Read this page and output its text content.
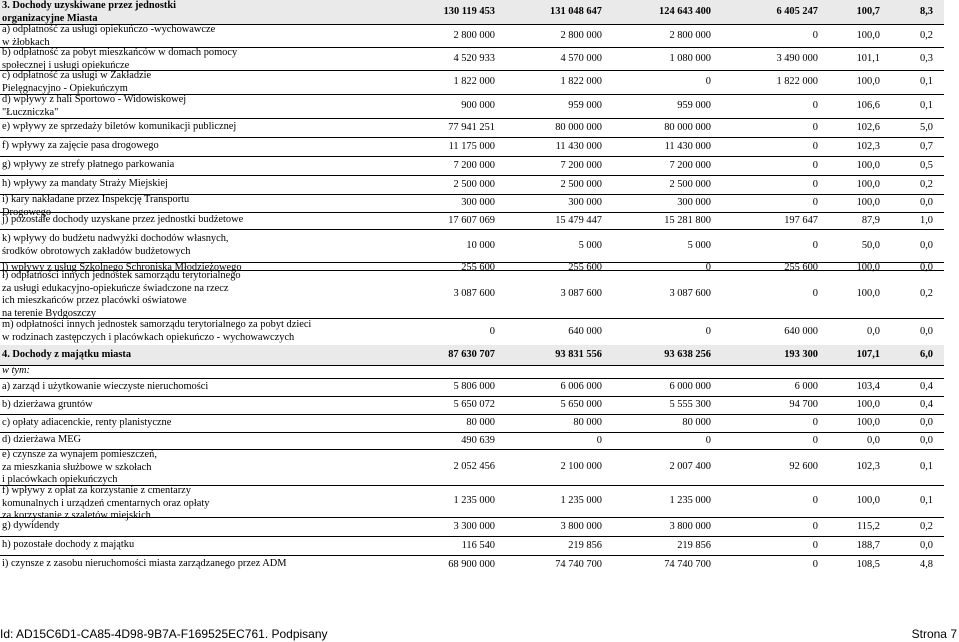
3. Dochody uzyskiwane przez jednostki
organizacyjne Miasta
130 119 453	131 048 647	124 643 400	6 405 247	100,7	8,3
a) odpłatność za usługi opiekuńczo -wychowawcze
w żłobkach
2 800 000	2 800 000	2 800 000	0	100,0	0,2
b) odpłatność za pobyt mieszkańców w domach pomocy
społecznej i usługi opiekuńcze
4 520 933	4 570 000	1 080 000	3 490 000	101,1	0,3
c) odpłatność za usługi w Zakładzie
Pielęgnacyjno - Opiekuńczym
1 822 000	1 822 000	0	1 822 000	100,0	0,1
d) wpływy z hali Sportowo - Widowiskowej
"Łuczniczka"
900 000	959 000	959 000	0	106,6	0,1
e) wpływy ze sprzedaży biletów komunikacji publicznej	77 941 251	80 000 000	80 000 000	0	102,6	5,0
f) wpływy za zajęcie pasa drogowego	11 175 000	11 430 000	11 430 000	0	102,3	0,7
g) wpływy ze strefy płatnego parkowania	7 200 000	7 200 000	7 200 000	0	100,0	0,5
h) wpływy za mandaty Straży Miejskiej	2 500 000	2 500 000	2 500 000	0	100,0	0,2
i) kary nakładane przez Inspekcję Transportu
Drogowego
300 000	300 000	300 000	0	100,0	0,0
j) pozostałe dochody uzyskane przez jednostki budżetowe	17 607 069	15 479 447	15 281 800	197 647	87,9	1,0
k) wpływy do budżetu nadwyżki dochodów własnych,
środków obrotowych zakładów budżetowych
10 000	5 000	5 000	0	50,0	0,0
l) wpływy z usług Szkolnego Schroniska Młodzieżowego	255 600	255 600	0	255 600	100,0	0,0
ł) odpłatności innych jednostek samorządu terytorialnego
za usługi edukacyjno-opiekuńcze świadczone na rzecz
ich mieszkańców przez placówki oświatowe
na terenie Bydgoszczy
3 087 600	3 087 600	3 087 600	0	100,0	0,2
m) odpłatności innych jednostek samorządu terytorialnego za pobyt dzieci
w rodzinach zastępczych i placówkach opiekuńczo - wychowawczych
0	640 000	0	640 000	0,0	0,0
4. Dochody z majątku miasta	87 630 707	93 831 556	93 638 256	193 300	107,1	6,0
w tym:
a) zarząd i użytkowanie wieczyste nieruchomości	5 806 000	6 006 000	6 000 000	6 000	103,4	0,4
b) dzierżawa gruntów	5 650 072	5 650 000	5 555 300	94 700	100,0	0,4
c) opłaty adiacenckie, renty planistyczne	80 000	80 000	80 000	0	100,0	0,0
d) dzierżawa MEG	490 639	0	0	0	0,0	0,0
e) czynsze za wynajem pomieszczeń,
za mieszkania służbowe w szkołach
i placówkach opiekuńczych
2 052 456	2 100 000	2 007 400	92 600	102,3	0,1
f) wpływy z opłat za korzystanie z cmentarzy
komunalnych i urządzeń cmentarnych oraz opłaty
za korzystanie z szaletów miejskich
1 235 000	1 235 000	1 235 000	0	100,0	0,1
g) dywidendy	3 300 000	3 800 000	3 800 000	0	115,2	0,2
h) pozostałe dochody z majątku	116 540	219 856	219 856	0	188,7	0,0
i) czynsze z zasobu nieruchomości miasta zarządzanego przez ADM	68 900 000	74 740 700	74 740 700	0	108,5	4,8
Id: AD15C6D1-CA85-4D98-9B7A-F169525EC761. Podpisany	Strona 7
